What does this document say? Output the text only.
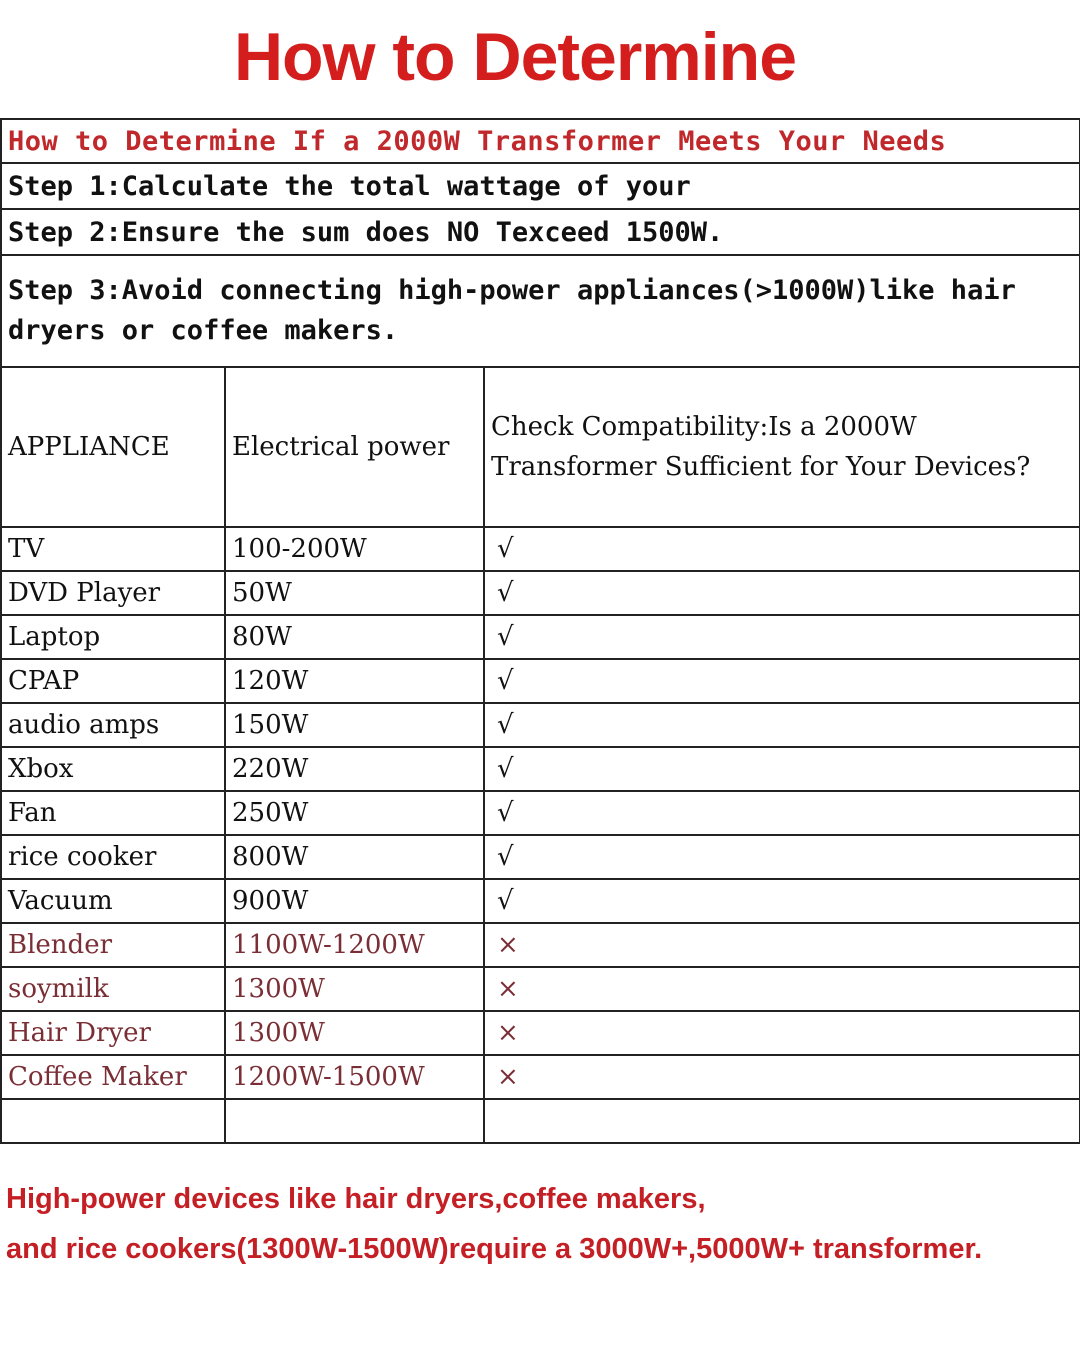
How to Determine
How to Determine If a 2000W Transformer Meets Your Needs		
Step 1:Calculate the total wattage of your		
Step 2:Ensure the sum does NO Texceed 1500W.		
Step 3:Avoid connecting high-power appliances(>1000W)like hair dryers or coffee makers.		
APPLIANCE	Electrical power	Check Compatibility:Is a 2000W Transformer Sufficient for Your Devices?
TV	100-200W	√
DVD Player	50W	√
Laptop	80W	√
CPAP	120W	√
audio amps	150W	√
Xbox	220W	√
Fan	250W	√
rice cooker	800W	√
Vacuum	900W	√
Blender	1100W-1200W	×
soymilk	1300W	×
Hair Dryer	1300W	×
Coffee Maker	1200W-1500W	×

High-power devices like hair dryers,coffee makers,
and rice cookers(1300W-1500W)require a 3000W+,5000W+ transformer.
